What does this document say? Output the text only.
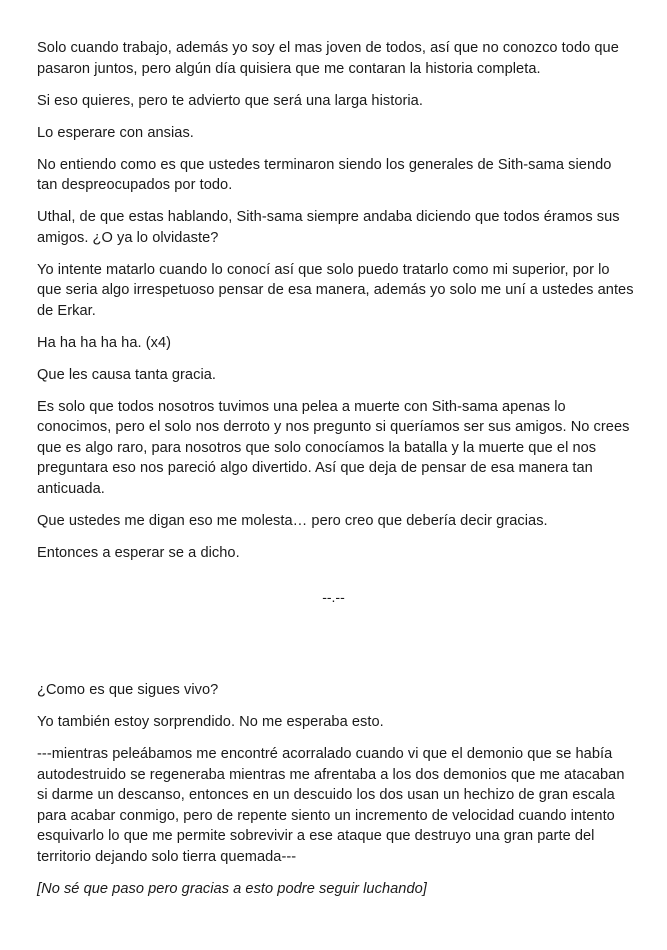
Solo cuando trabajo, además yo soy el mas joven de todos, así que no conozco todo que pasaron juntos, pero algún día quisiera que me contaran la historia completa.

Si eso quieres, pero te advierto que será una larga historia.

Lo esperare con ansias.

No entiendo como es que ustedes terminaron siendo los generales de Sith-sama siendo tan despreocupados por todo.

Uthal, de que estas hablando, Sith-sama siempre andaba diciendo que todos éramos sus amigos. ¿O ya lo olvidaste?

Yo intente matarlo cuando lo conocí así que solo puedo tratarlo como mi superior, por lo que seria algo irrespetuoso pensar de esa manera, además yo solo me uní a ustedes antes de Erkar.

Ha ha ha ha ha. (x4)

Que les causa tanta gracia.

Es solo que todos nosotros tuvimos una pelea a muerte con Sith-sama apenas lo conocimos, pero el solo nos derroto y nos pregunto si queríamos ser sus amigos. No crees que es algo raro, para nosotros que solo conocíamos la batalla y la muerte que el nos preguntara eso nos pareció algo divertido. Así que deja de pensar de esa manera tan anticuada.

Que ustedes me digan eso me molesta… pero creo que debería decir gracias.

Entonces a esperar se a dicho.

--.--

¿Como es que sigues vivo?

Yo también estoy sorprendido. No me esperaba esto.

---mientras peleábamos me encontré acorralado cuando vi que el demonio que se había autodestruido se regeneraba mientras me afrentaba a los dos demonios que me atacaban si darme un descanso, entonces en un descuido los dos usan un hechizo de gran escala para acabar conmigo, pero de repente siento un incremento de velocidad cuando intento esquivarlo lo que me permite sobrevivir a ese ataque que destruyo una gran parte del territorio dejando solo tierra quemada---

[No sé que paso pero gracias a esto podre seguir luchando]
